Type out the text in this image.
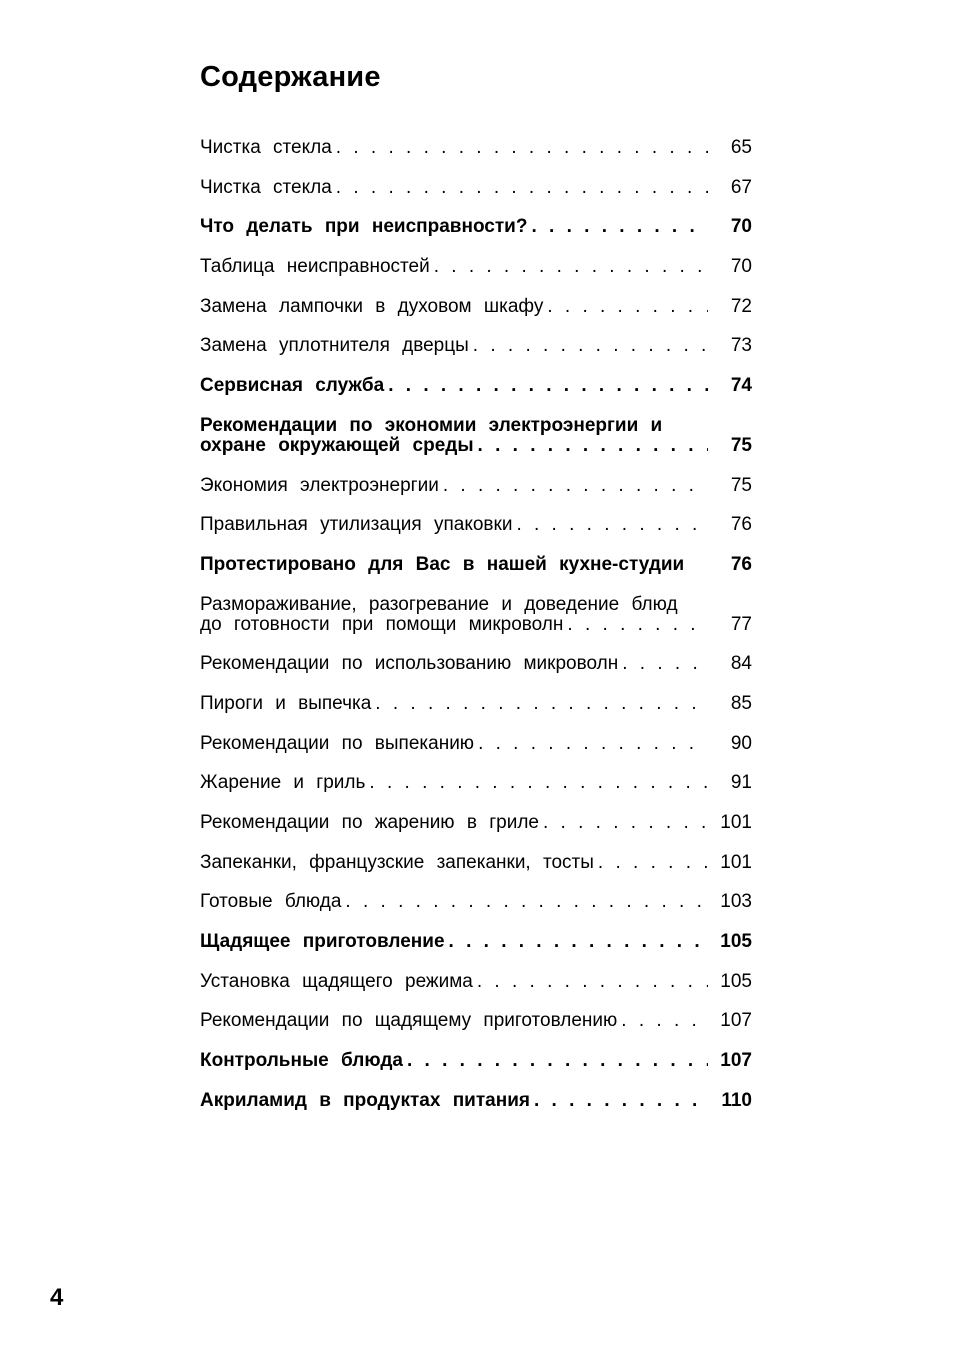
Содержание
Чистка стекла . . .	65
Чистка стекла . . .	67
Что делать при неисправности? . . .	70
Таблица неисправностей . . .	70
Замена лампочки в духовом шкафу . . .	72
Замена уплотнителя дверцы . . .	73
Сервисная служба . . .	74
Рекомендации по экономии электроэнергии и
охране окружающей среды . . .	75
Экономия электроэнергии . . .	75
Правильная утилизация упаковки . . .	76
Протестировано для Вас в нашей кухне-студии	76
Размораживание, разогревание и доведение блюд
до готовности при помощи микроволн . . .	77
Рекомендации по использованию микроволн . . .	84
Пироги и выпечка . . .	85
Рекомендации по выпеканию . . .	90
Жарение и гриль . . .	91
Рекомендации по жарению в гриле . . .	101
Запеканки, французские запеканки, тосты . . .	101
Готовые блюда . . .	103
Щадящее приготовление . . .	105
Установка щадящего режима . . .	105
Рекомендации по щадящему приготовлению . . .	107
Контрольные блюда . . .	107
Акриламид в продуктах питания . . .	110
4
